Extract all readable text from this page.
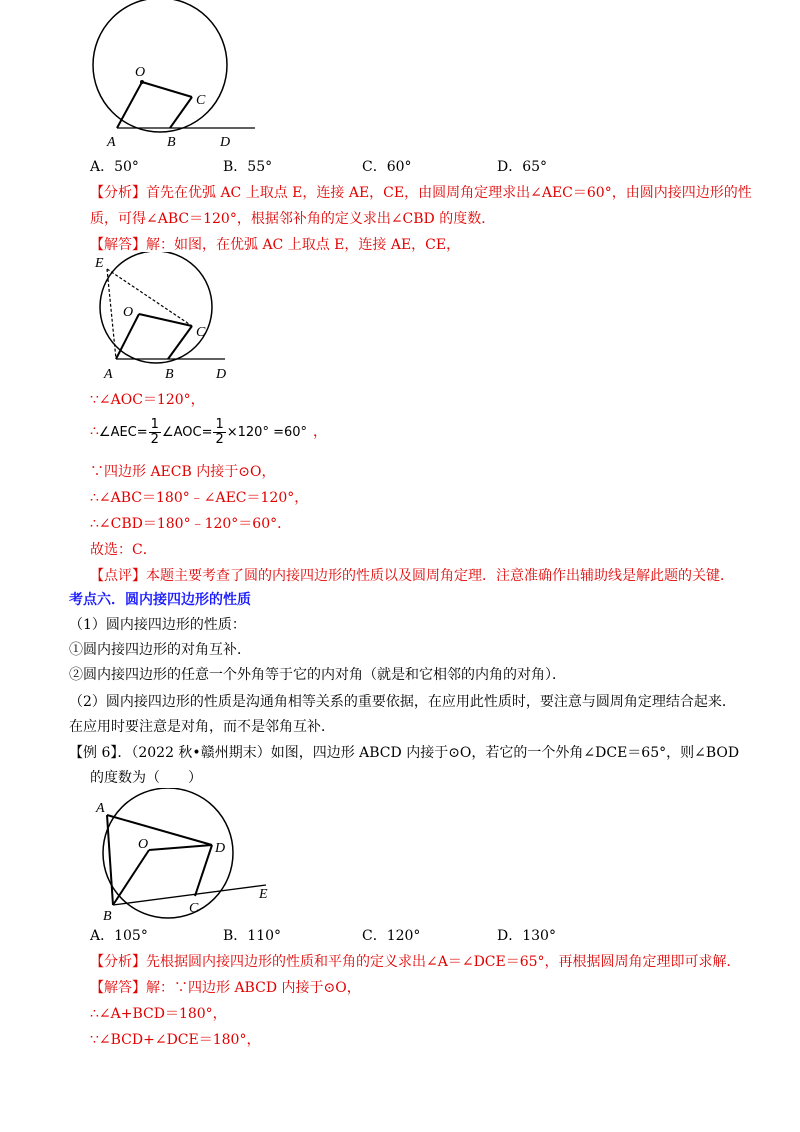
O
C
A	B	D
A．50°	B．55°	C．60°	D．65°
【分析】首先在优弧 AC 上取点 E，连接 AE，CE，由圆周角定理求出∠AEC＝60°，由圆内接四边形的性
质，可得∠ABC＝120°，根据邻补角的定义求出∠CBD 的度数．
【解答】解：如图，在优弧 AC 上取点 E，连接 AE，CE，
E
O
C
A	B	D
∵∠AOC＝120°，
∴∠AEC= $\frac{1}{2}$ ∠AOC= $\frac{1}{2} \times 120^\circ =60^\circ$ ，
∵四边形 AECB 内接于⊙O，
∴∠ABC＝180°﹣∠AEC＝120°，
∴∠CBD＝180°﹣120°＝60°．
故选：C．
【点评】本题主要考查了圆的内接四边形的性质以及圆周角定理．注意准确作出辅助线是解此题的关键．
考点六．圆内接四边形的性质
（1）圆内接四边形的性质：
①圆内接四边形的对角互补．
②圆内接四边形的任意一个外角等于它的内对角（就是和它相邻的内角的对角）．
（2）圆内接四边形的性质是沟通角相等关系的重要依据，在应用此性质时，要注意与圆周角定理结合起来．
在应用时要注意是对角，而不是邻角互补．
【例 6】．（2022 秋•赣州期末）如图，四边形 ABCD 内接于⊙O，若它的一个外角∠DCE＝65°，则∠BOD
的度数为（　　）
A
O	D
E
B
C
A．105°	B．110°	C．120°	D．130°
【分析】先根据圆内接四边形的性质和平角的定义求出∠A＝∠DCE＝65°，再根据圆周角定理即可求解．
【解答】解：∵四边形 ABCD 内接于⊙O，
∴∠A+BCD＝180°，
∵∠BCD+∠DCE＝180°，
